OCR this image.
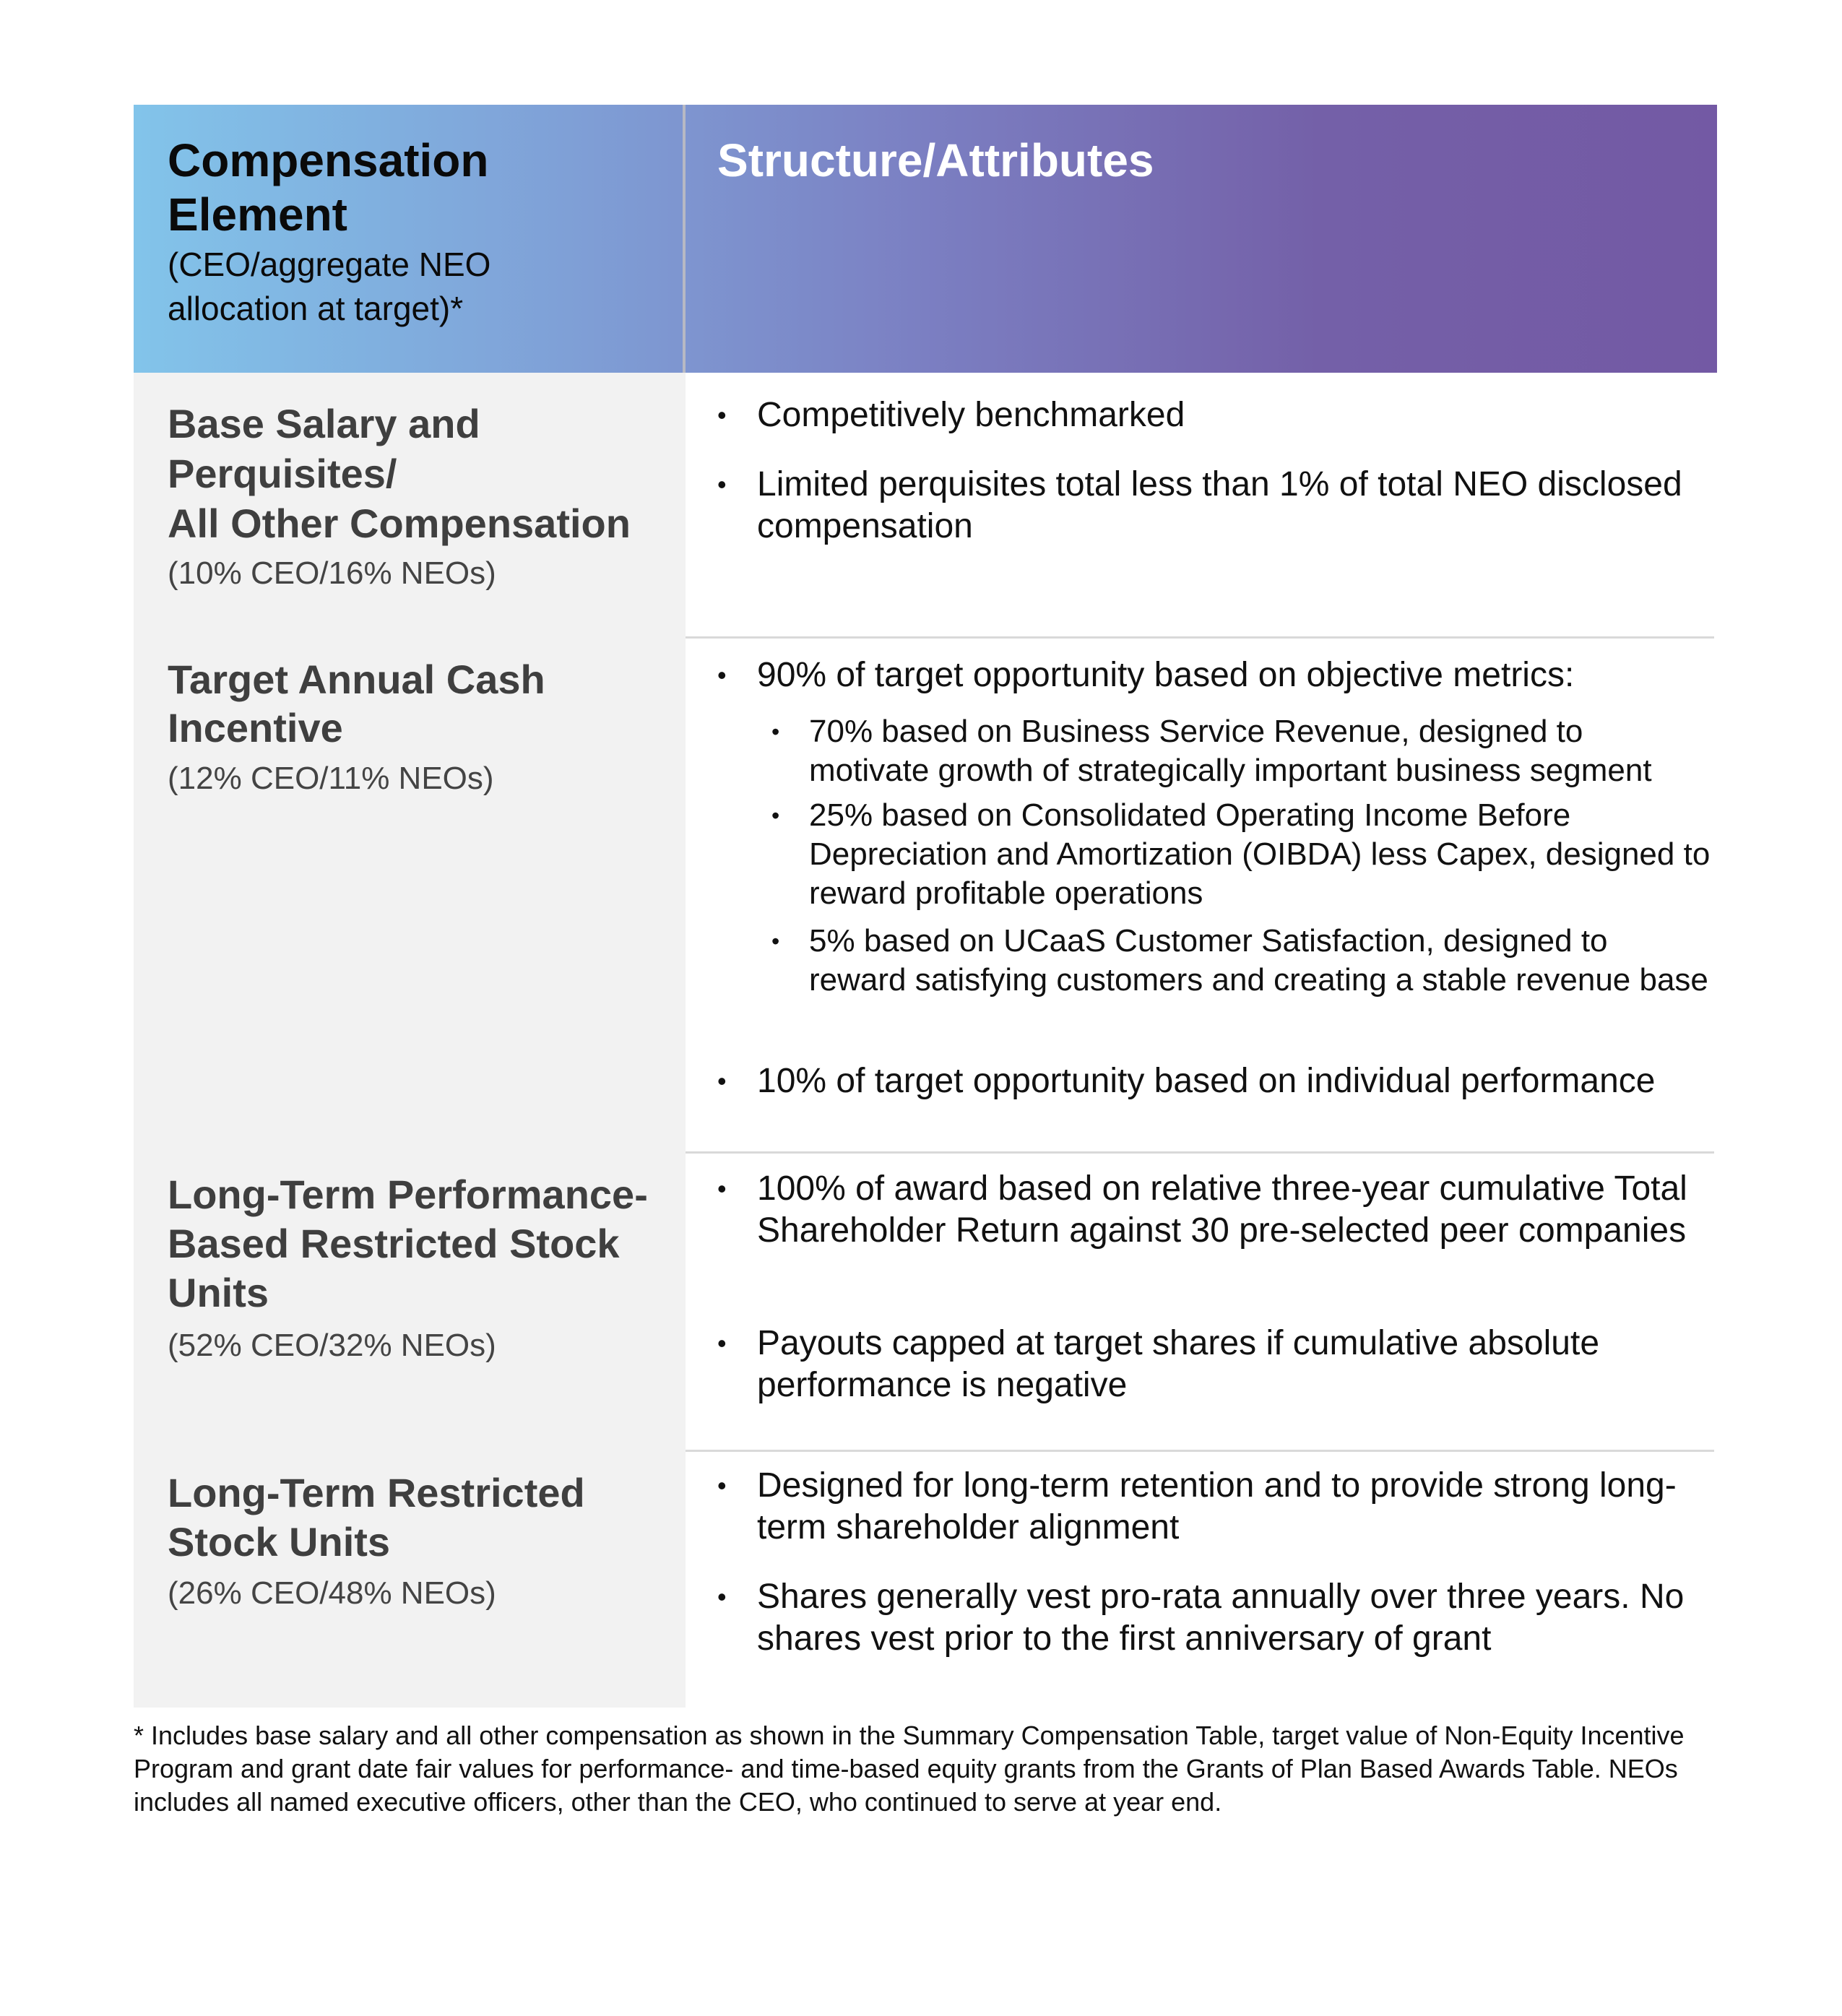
Compensation
Element
(CEO/aggregate NEO
allocation at target)*
Structure/Attributes
Base Salary and
Perquisites/
All Other Compensation
(10% CEO/16% NEOs)
• Competitively benchmarked
• Limited perquisites total less than 1% of total NEO disclosed compensation
Target Annual Cash
Incentive
(12% CEO/11% NEOs)
• 90% of target opportunity based on objective metrics:
• 70% based on Business Service Revenue, designed to motivate growth of strategically important business segment
• 25% based on Consolidated Operating Income Before Depreciation and Amortization (OIBDA) less Capex, designed to reward profitable operations
• 5% based on UCaaS Customer Satisfaction, designed to reward satisfying customers and creating a stable revenue base
• 10% of target opportunity based on individual performance
Long-Term Performance-
Based Restricted Stock
Units
(52% CEO/32% NEOs)
• 100% of award based on relative three-year cumulative Total Shareholder Return against 30 pre-selected peer companies
• Payouts capped at target shares if cumulative absolute performance is negative
Long-Term Restricted
Stock Units
(26% CEO/48% NEOs)
• Designed for long-term retention and to provide strong long-term shareholder alignment
• Shares generally vest pro-rata annually over three years. No shares vest prior to the first anniversary of grant
* Includes base salary and all other compensation as shown in the Summary Compensation Table, target value of Non-Equity Incentive Program and grant date fair values for performance- and time-based equity grants from the Grants of Plan Based Awards Table. NEOs includes all named executive officers, other than the CEO, who continued to serve at year end.
